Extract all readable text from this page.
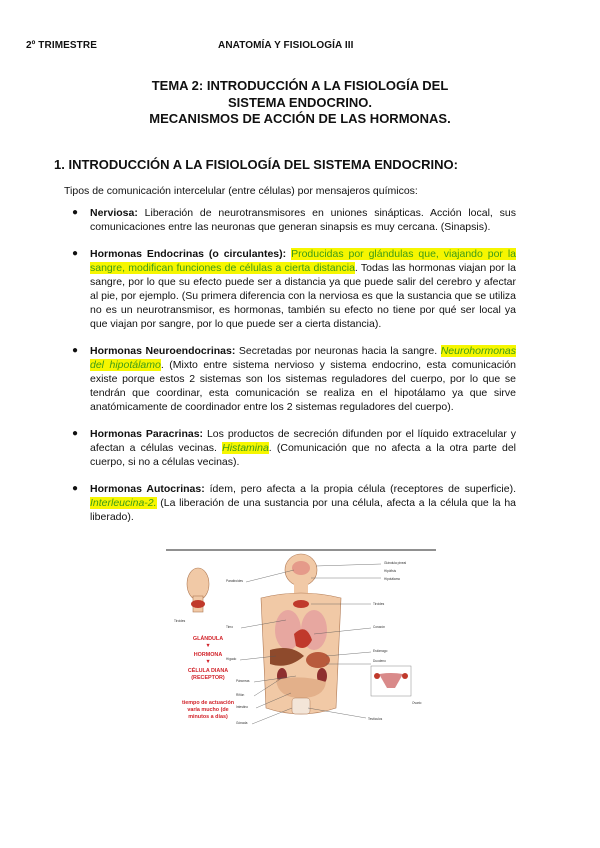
2º TRIMESTRE	ANATOMÍA Y FISIOLOGÍA III
TEMA 2: INTRODUCCIÓN A LA FISIOLOGÍA DEL
SISTEMA ENDOCRINO.
MECANISMOS DE ACCIÓN DE LAS HORMONAS.
1. INTRODUCCIÓN A LA FISIOLOGÍA DEL SISTEMA ENDOCRINO:
Tipos de comunicación intercelular (entre células) por mensajeros químicos:
● Nerviosa: Liberación de neurotransmisores en uniones sinápticas. Acción local, sus comunicaciones entre las neuronas que generan sinapsis es muy cercana. (Sinapsis).
● Hormonas Endocrinas (o circulantes): Producidas por glándulas que, viajando por la sangre, modifican funciones de células a cierta distancia. Todas las hormonas viajan por la sangre, por lo que su efecto puede ser a distancia ya que puede salir del cerebro y afectar al pie, por ejemplo. (Su primera diferencia con la nerviosa es que la sustancia que se utiliza no es un neurotransmisor, es hormonas, también su efecto no tiene por qué ser local ya que viajan por sangre, por lo que puede ser a cierta distancia).
● Hormonas Neuroendocrinas: Secretadas por neuronas hacia la sangre. Neurohormonas del hipotálamo. (Mixto entre sistema nervioso y sistema endocrino, esta comunicación existe porque estos 2 sistemas son los sistemas reguladores del cuerpo, por lo que se tendrán que coordinar, esta comunicación se realiza en el hipotálamo ya que sirve anatómicamente de coordinador entre los 2 sistemas reguladores del cuerpo).
● Hormonas Paracrinas: Los productos de secreción difunden por el líquido extracelular y afectan a células vecinas. Histamina. (Comunicación que no afecta a la otra parte del cuerpo, si no a células vecinas).
● Hormonas Autocrinas: ídem, pero afecta a la propia célula (receptores de superficie). Interleucina-2. (La liberación de una sustancia por una célula, afecta a la célula que la ha liberado).
GLÁNDULA
▼
HORMONA
▼
CÉLULA DIANA
(RECEPTOR)
tiempo de actuación
varía mucho (de
minutos a días)
Tiroides
Paratiroides
Timo
Hígado
Páncreas
Riñón
Intestino
Gónada
Glándula pineal
Hipófisis
Hipotálamo
Tiroides
Corazón
Estómago
Duodeno
Ovario
Testículos
